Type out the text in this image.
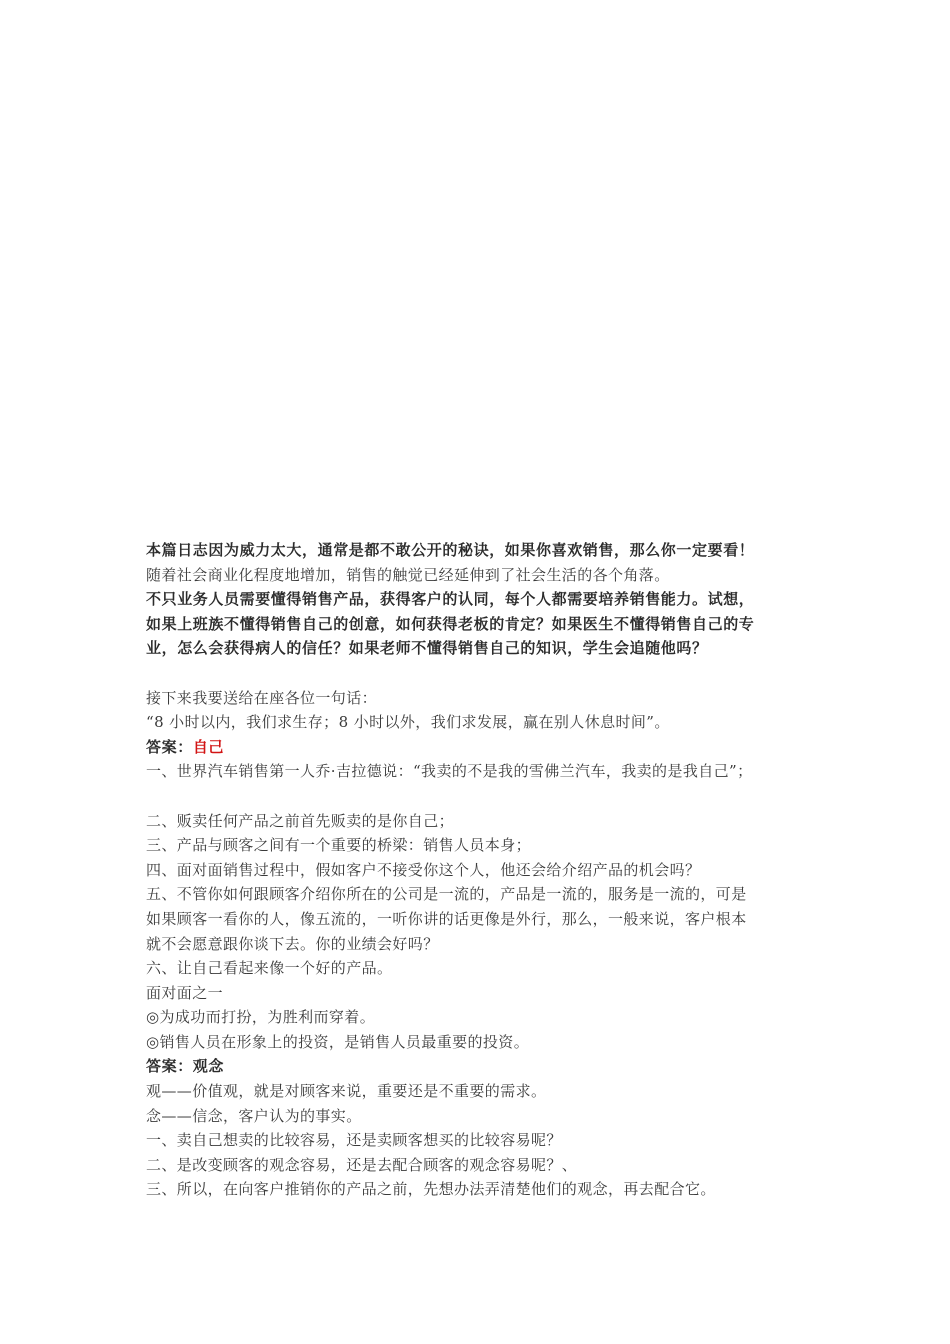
本篇日志因为威力太大，通常是都不敢公开的秘诀，如果你喜欢销售，那么你一定要看！
随着社会商业化程度地增加，销售的触觉已经延伸到了社会生活的各个角落。
不只业务人员需要懂得销售产品，获得客户的认同，每个人都需要培养销售能力。试想，
如果上班族不懂得销售自己的创意，如何获得老板的肯定？如果医生不懂得销售自己的专
业，怎么会获得病人的信任？如果老师不懂得销售自己的知识，学生会追随他吗？
接下来我要送给在座各位一句话：
“8 小时以内，我们求生存；8 小时以外，我们求发展，赢在别人休息时间”。
答案：自己
一、世界汽车销售第一人乔·吉拉德说：“我卖的不是我的雪佛兰汽车，我卖的是我自己”；
二、贩卖任何产品之前首先贩卖的是你自己；
三、产品与顾客之间有一个重要的桥梁：销售人员本身；
四、面对面销售过程中，假如客户不接受你这个人，他还会给介绍产品的机会吗？
五、不管你如何跟顾客介绍你所在的公司是一流的，产品是一流的，服务是一流的，可是
如果顾客一看你的人，像五流的，一听你讲的话更像是外行，那么，一般来说，客户根本
就不会愿意跟你谈下去。你的业绩会好吗？
六、让自己看起来像一个好的产品。
面对面之一
◎为成功而打扮，为胜利而穿着。
◎销售人员在形象上的投资，是销售人员最重要的投资。
答案：观念
观——价值观，就是对顾客来说，重要还是不重要的需求。
念——信念，客户认为的事实。
一、卖自己想卖的比较容易，还是卖顾客想买的比较容易呢？
二、是改变顾客的观念容易，还是去配合顾客的观念容易呢？、
三、所以，在向客户推销你的产品之前，先想办法弄清楚他们的观念，再去配合它。
